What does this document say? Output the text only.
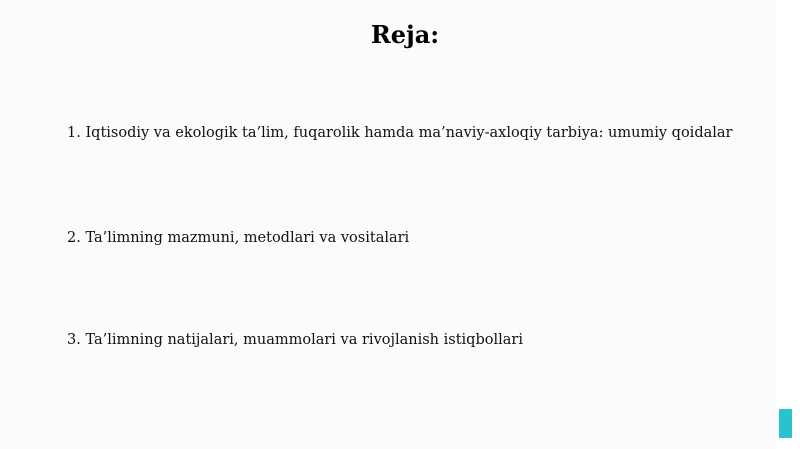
Reja:

1. Iqtisodiy va ekologik ta’lim, fuqarolik hamda ma’naviy-axloqiy tarbiya: umumiy qoidalar

2. Ta’limning mazmuni, metodlari va vositalari

3. Ta’limning natijalari, muammolari va rivojlanish istiqbollari
